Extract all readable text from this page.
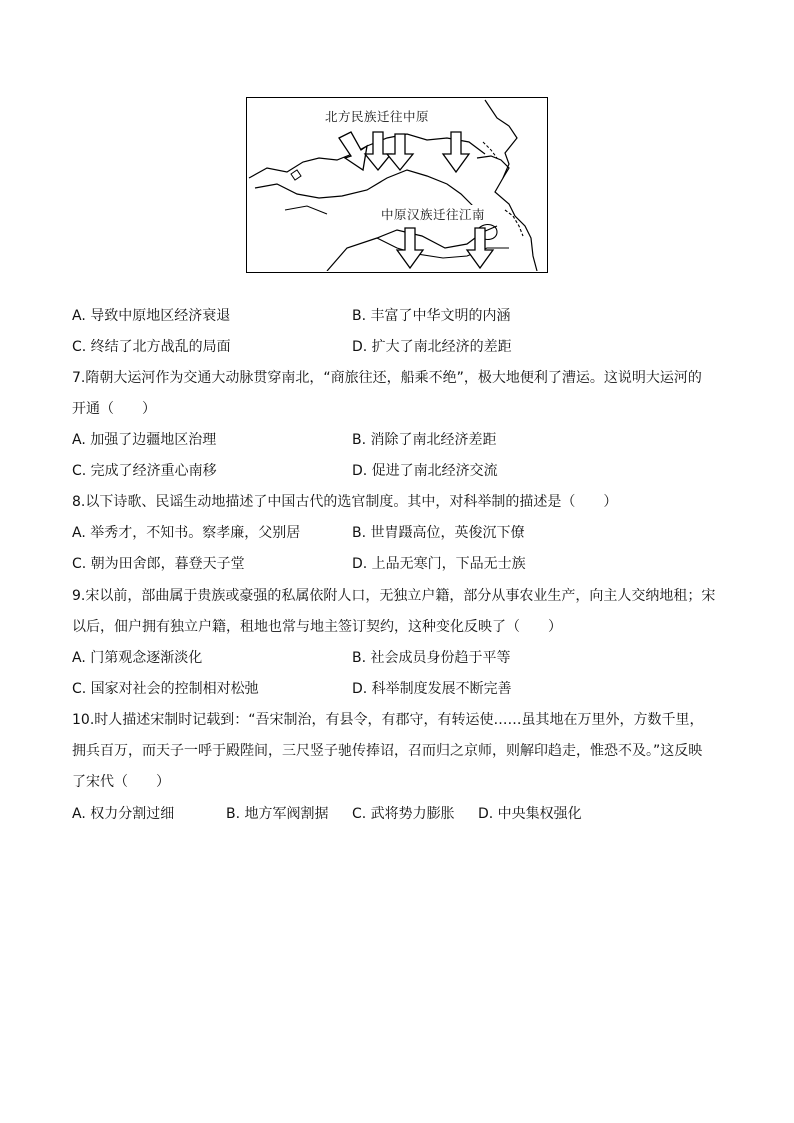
北方民族迁往中原
中原汉族迁往江南
A. 导致中原地区经济衰退	B. 丰富了中华文明的内涵
C. 终结了北方战乱的局面	D. 扩大了南北经济的差距
7.隋朝大运河作为交通大动脉贯穿南北，“商旅往还，船乘不绝”，极大地便利了漕运。这说明大运河的
开通（　　）
A. 加强了边疆地区治理	B. 消除了南北经济差距
C. 完成了经济重心南移	D. 促进了南北经济交流
8.以下诗歌、民谣生动地描述了中国古代的选官制度。其中，对科举制的描述是（　　）
A. 举秀才，不知书。察孝廉，父别居	B. 世胄蹑高位，英俊沉下僚
C. 朝为田舍郎，暮登天子堂	D. 上品无寒门，下品无士族
9.宋以前，部曲属于贵族或豪强的私属依附人口，无独立户籍，部分从事农业生产，向主人交纳地租；宋
以后，佃户拥有独立户籍，租地也常与地主签订契约，这种变化反映了（　　）
A. 门第观念逐渐淡化	B. 社会成员身份趋于平等
C. 国家对社会的控制相对松弛	D. 科举制度发展不断完善
10.时人描述宋制时记载到：“吾宋制治，有县令，有郡守，有转运使……虽其地在万里外，方数千里，
拥兵百万，而天子一呼于殿陛间，三尺竖子驰传捧诏，召而归之京师，则解印趋走，惟恐不及。”这反映
了宋代（　　）
A. 权力分割过细	B. 地方军阀割据 C. 武将势力膨胀 D. 中央集权强化
